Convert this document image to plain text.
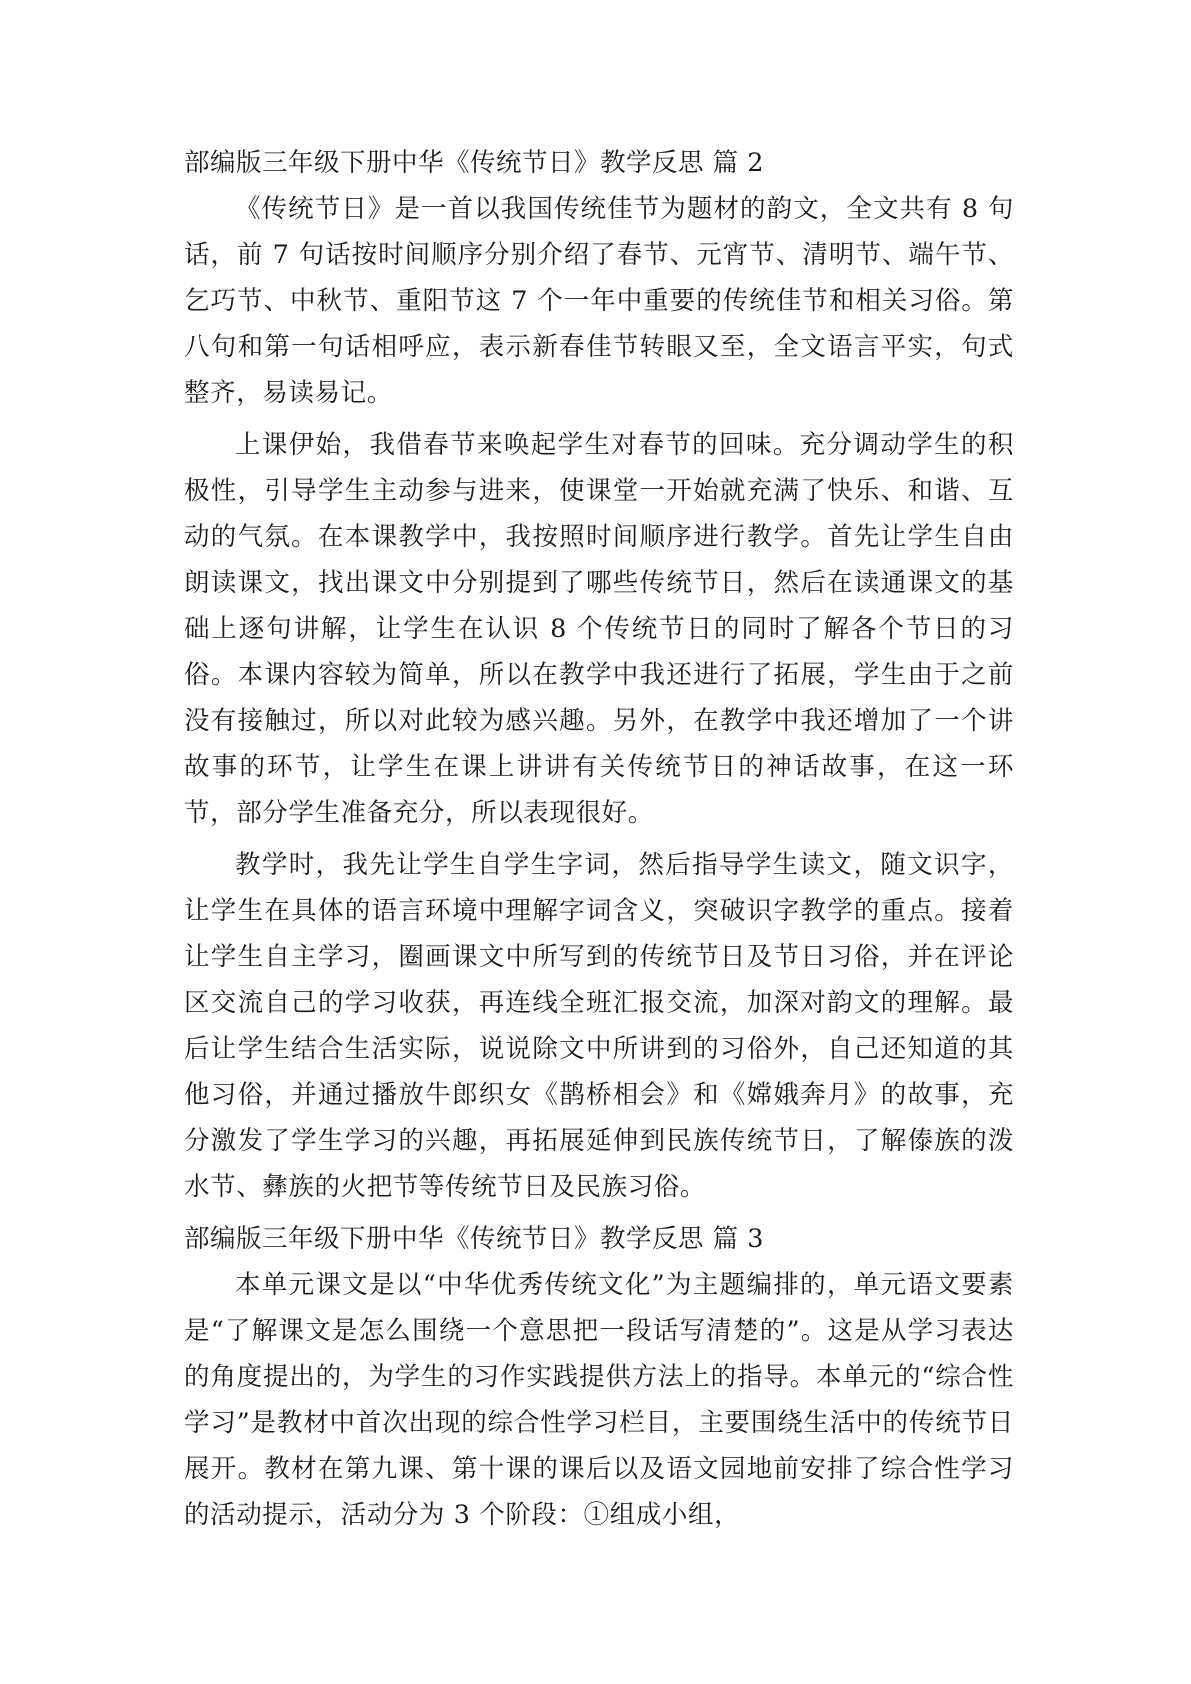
部编版三年级下册中华《传统节日》教学反思 篇 2

《传统节日》是一首以我国传统佳节为题材的韵文，全文共有 8 句话，前 7 句话按时间顺序分别介绍了春节、元宵节、清明节、端午节、乞巧节、中秋节、重阳节这 7 个一年中重要的传统佳节和相关习俗。第八句和第一句话相呼应，表示新春佳节转眼又至，全文语言平实，句式整齐，易读易记。

上课伊始，我借春节来唤起学生对春节的回味。充分调动学生的积极性，引导学生主动参与进来，使课堂一开始就充满了快乐、和谐、互动的气氛。在本课教学中，我按照时间顺序进行教学。首先让学生自由朗读课文，找出课文中分别提到了哪些传统节日，然后在读通课文的基础上逐句讲解，让学生在认识 8 个传统节日的同时了解各个节日的习俗。本课内容较为简单，所以在教学中我还进行了拓展，学生由于之前没有接触过，所以对此较为感兴趣。另外，在教学中我还增加了一个讲故事的环节，让学生在课上讲讲有关传统节日的神话故事，在这一环节，部分学生准备充分，所以表现很好。

教学时，我先让学生自学生字词，然后指导学生读文，随文识字，让学生在具体的语言环境中理解字词含义，突破识字教学的重点。接着让学生自主学习，圈画课文中所写到的传统节日及节日习俗，并在评论区交流自己的学习收获，再连线全班汇报交流，加深对韵文的理解。最后让学生结合生活实际，说说除文中所讲到的习俗外，自己还知道的其他习俗，并通过播放牛郎织女《鹊桥相会》和《嫦娥奔月》的故事，充分激发了学生学习的兴趣，再拓展延伸到民族传统节日，了解傣族的泼水节、彝族的火把节等传统节日及民族习俗。

部编版三年级下册中华《传统节日》教学反思 篇 3

本单元课文是以“中华优秀传统文化”为主题编排的，单元语文要素是“了解课文是怎么围绕一个意思把一段话写清楚的”。这是从学习表达的角度提出的，为学生的习作实践提供方法上的指导。本单元的“综合性学习”是教材中首次出现的综合性学习栏目，主要围绕生活中的传统节日展开。教材在第九课、第十课的课后以及语文园地前安排了综合性学习的活动提示，活动分为 3 个阶段：①组成小组，
